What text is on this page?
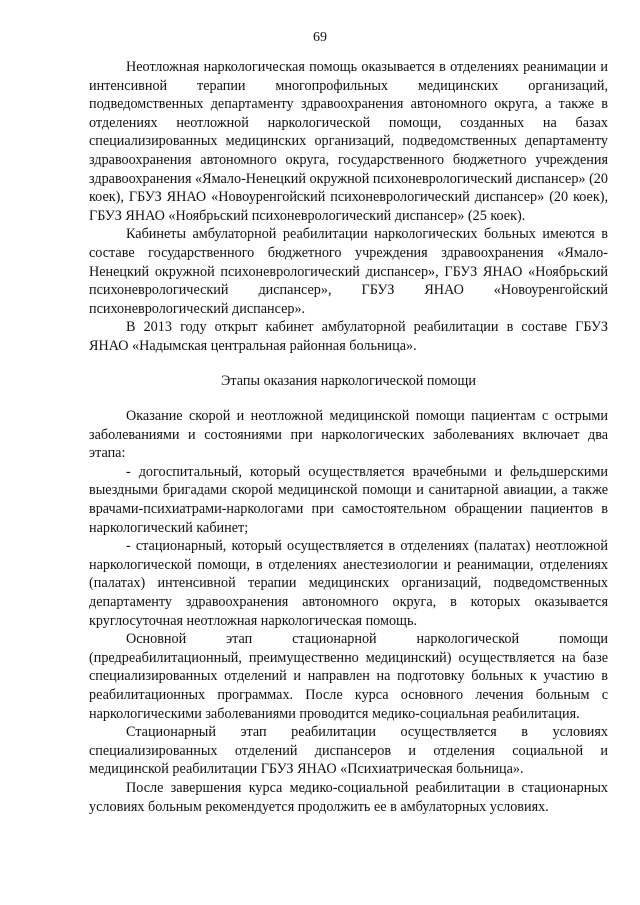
69

Неотложная наркологическая помощь оказывается в отделениях реанимации и интенсивной терапии многопрофильных медицинских организаций, подведомственных департаменту здравоохранения автономного округа, а также в отделениях неотложной наркологической помощи, созданных на базах специализированных медицинских организаций, подведомственных департаменту здравоохранения автономного округа, государственного бюджетного учреждения здравоохранения «Ямало-Ненецкий окружной психоневрологический диспансер» (20 коек), ГБУЗ ЯНАО «Новоуренгойский психоневрологический диспансер» (20 коек), ГБУЗ ЯНАО «Ноябрьский психоневрологический диспансер» (25 коек).

Кабинеты амбулаторной реабилитации наркологических больных имеются в составе государственного бюджетного учреждения здравоохранения «Ямало-Ненецкий окружной психоневрологический диспансер», ГБУЗ ЯНАО «Ноябрьский психоневрологический диспансер», ГБУЗ ЯНАО «Новоуренгойский психоневрологический диспансер».

В 2013 году открыт кабинет амбулаторной реабилитации в составе ГБУЗ ЯНАО «Надымская центральная районная больница».

Этапы оказания наркологической помощи

Оказание скорой и неотложной медицинской помощи пациентам с острыми заболеваниями и состояниями при наркологических заболеваниях включает два этапа:

- догоспитальный, который осуществляется врачебными и фельдшерскими выездными бригадами скорой медицинской помощи и санитарной авиации, а также врачами-психиатрами-наркологами при самостоятельном обращении пациентов в наркологический кабинет;

- стационарный, который осуществляется в отделениях (палатах) неотложной наркологической помощи, в отделениях анестезиологии и реанимации, отделениях (палатах) интенсивной терапии медицинских организаций, подведомственных департаменту здравоохранения автономного округа, в которых оказывается круглосуточная неотложная наркологическая помощь.

Основной этап стационарной наркологической помощи (предреабилитационный, преимущественно медицинский) осуществляется на базе специализированных отделений и направлен на подготовку больных к участию в реабилитационных программах. После курса основного лечения больным с наркологическими заболеваниями проводится медико-социальная реабилитация.

Стационарный этап реабилитации осуществляется в условиях специализированных отделений диспансеров и отделения социальной и медицинской реабилитации ГБУЗ ЯНАО «Психиатрическая больница».

После завершения курса медико-социальной реабилитации в стационарных условиях больным рекомендуется продолжить ее в амбулаторных условиях.
